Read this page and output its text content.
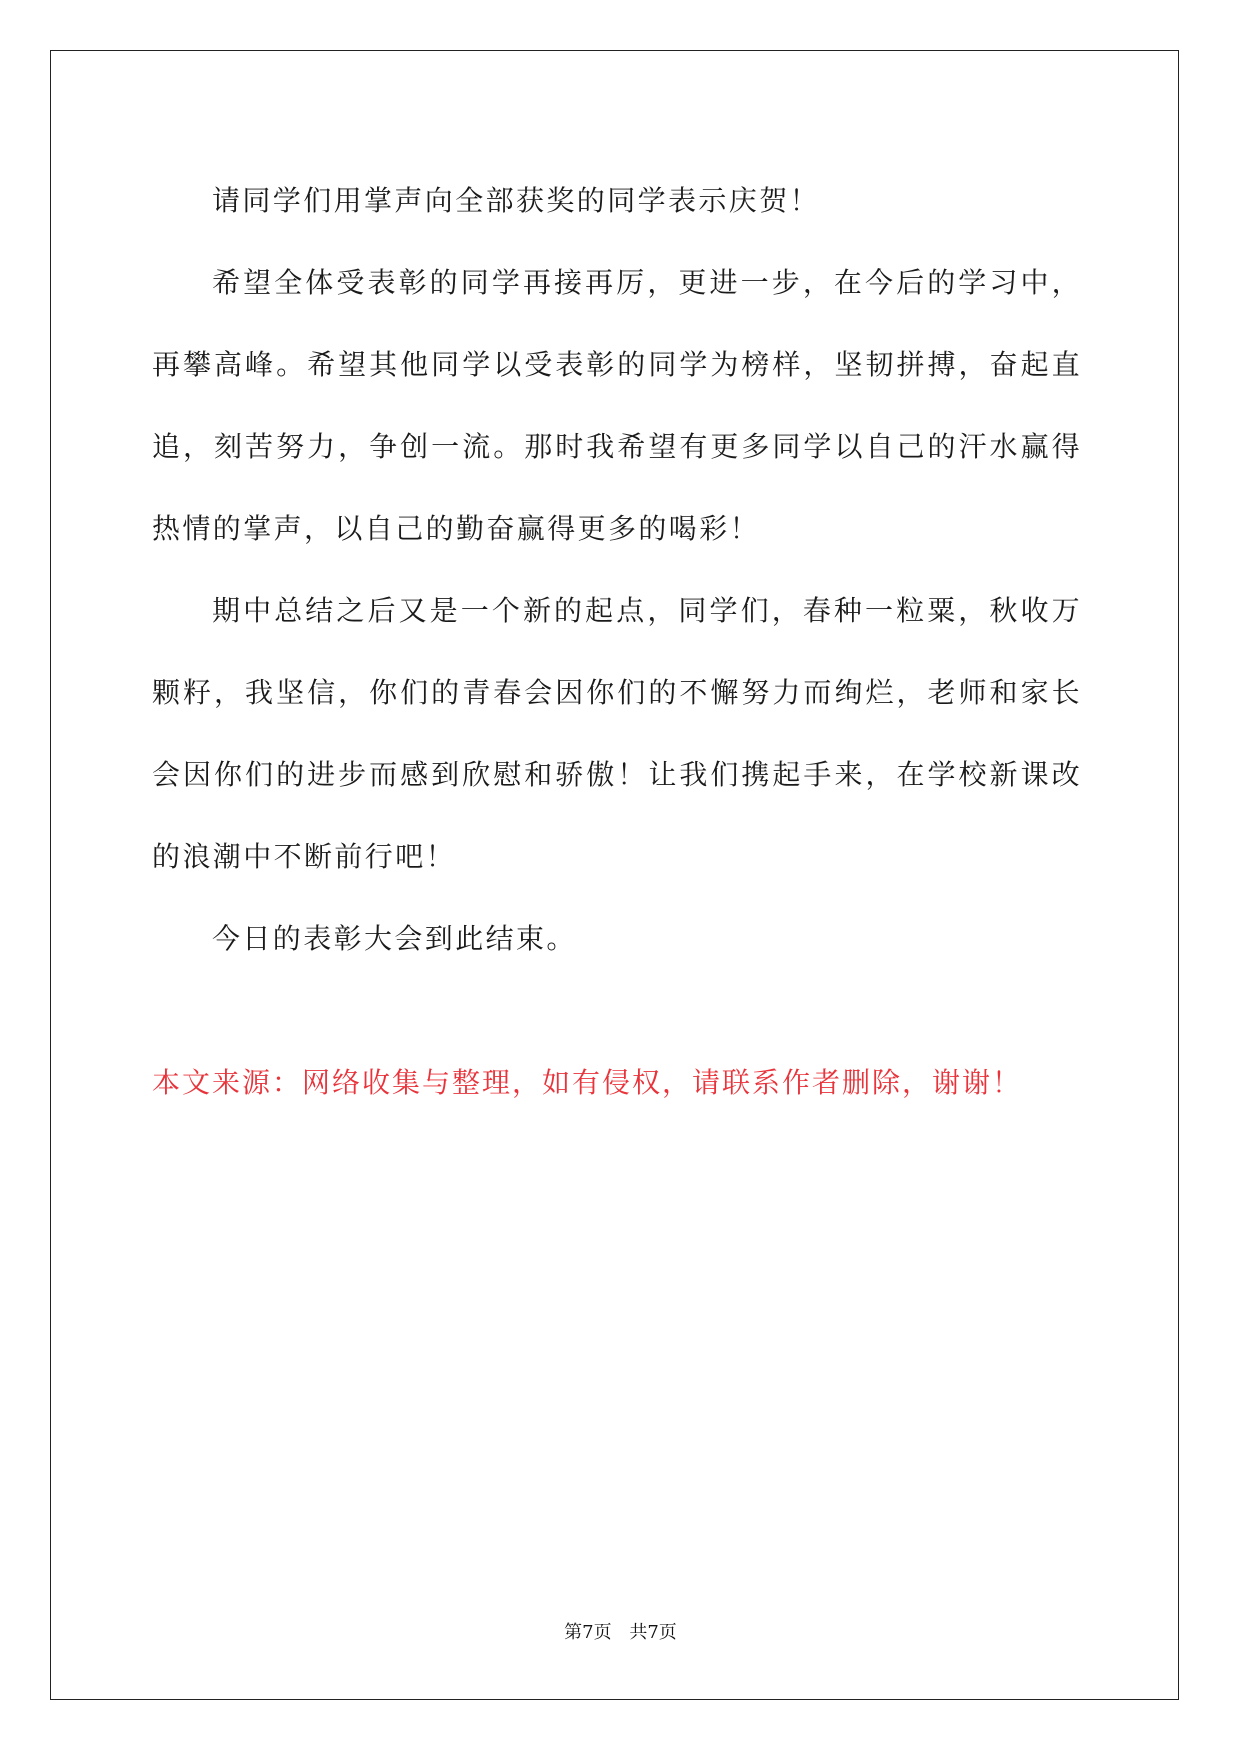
请同学们用掌声向全部获奖的同学表示庆贺！

希望全体受表彰的同学再接再厉，更进一步，在今后的学习中，再攀高峰。希望其他同学以受表彰的同学为榜样，坚韧拼搏，奋起直追，刻苦努力，争创一流。那时我希望有更多同学以自己的汗水赢得热情的掌声，以自己的勤奋赢得更多的喝彩！

期中总结之后又是一个新的起点，同学们，春种一粒粟，秋收万颗籽，我坚信，你们的青春会因你们的不懈努力而绚烂，老师和家长会因你们的进步而感到欣慰和骄傲！让我们携起手来，在学校新课改的浪潮中不断前行吧！

今日的表彰大会到此结束。

本文来源：网络收集与整理，如有侵权，请联系作者删除，谢谢！

第7页 共7页
